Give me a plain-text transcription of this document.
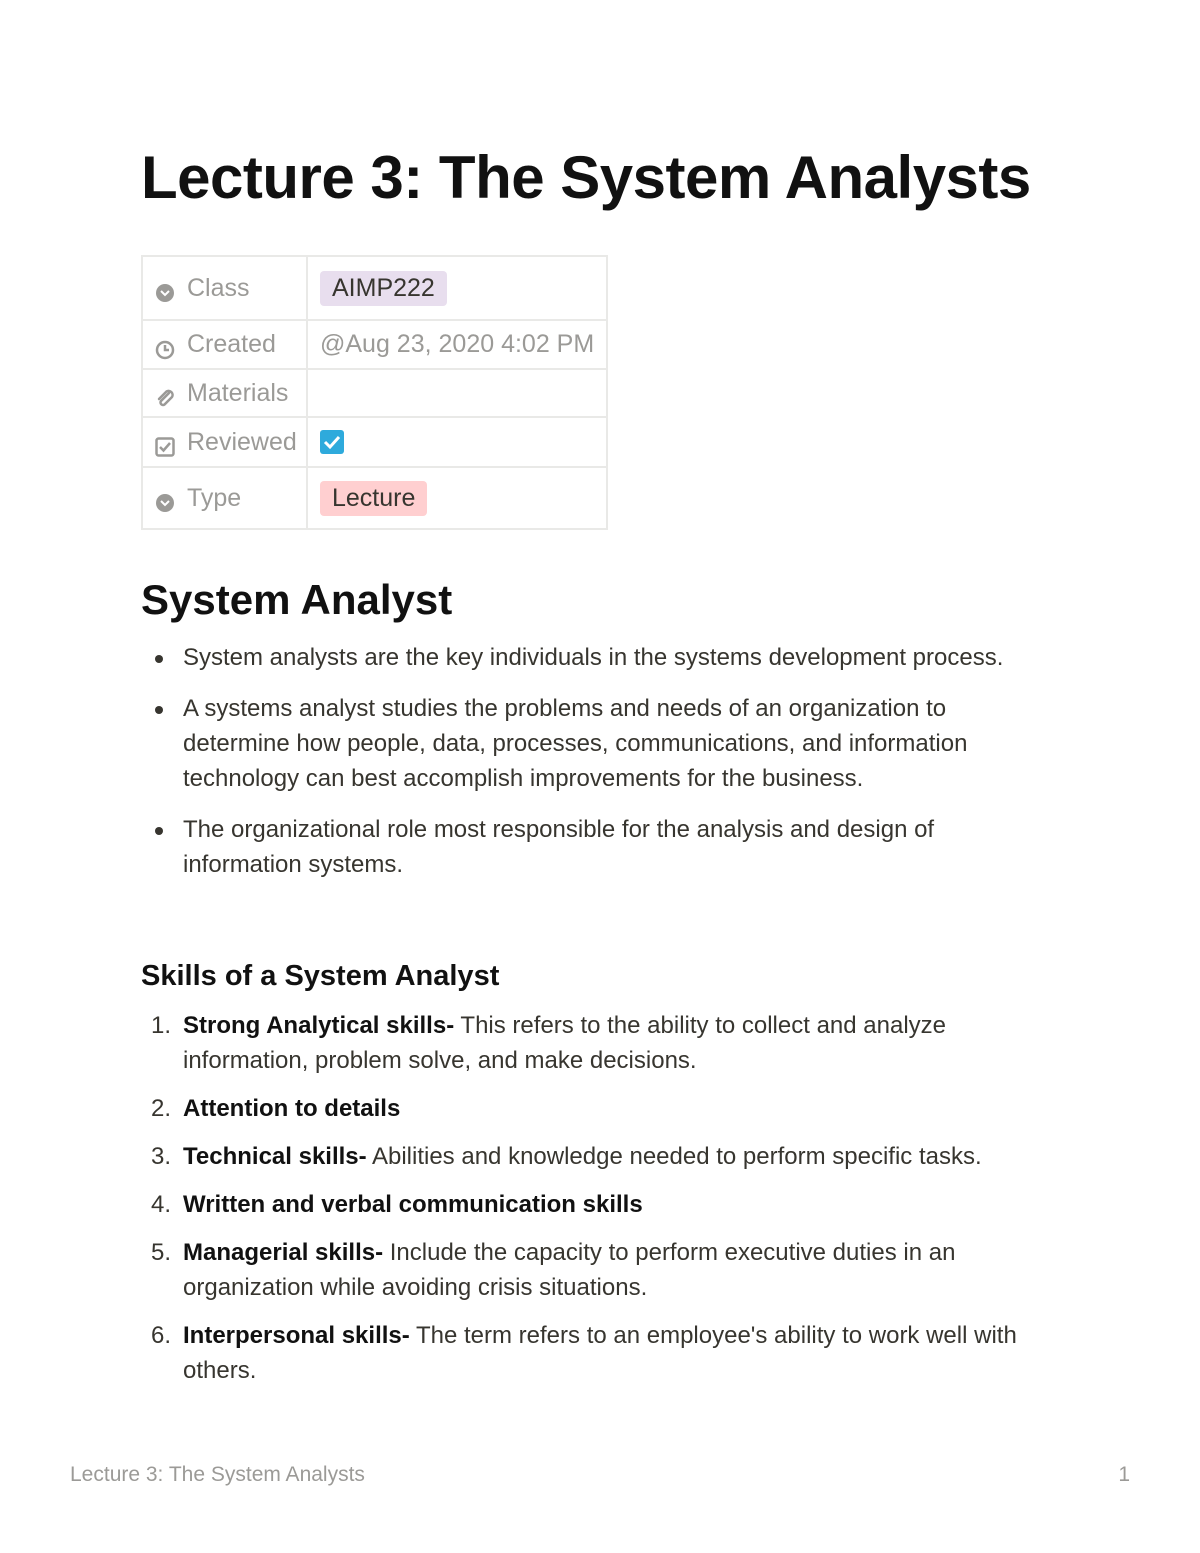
Lecture 3: The System Analysts
Class	AIMP222

Created	@Aug 23, 2020 4:02 PM

Materials	

Reviewed

Type	Lecture
System Analyst
System analysts are the key individuals in the systems development process.
A systems analyst studies the problems and needs of an organization to determine how people, data, processes, communications, and information technology can best accomplish improvements for the business.
The organizational role most responsible for the analysis and design of information systems.
Skills of a System Analyst
1. Strong Analytical skills- This refers to the ability to collect and analyze information, problem solve, and make decisions.
2. Attention to details
3. Technical skills- Abilities and knowledge needed to perform specific tasks.
4. Written and verbal communication skills
5. Managerial skills- Include the capacity to perform executive duties in an organization while avoiding crisis situations.
6. Interpersonal skills- The term refers to an employee's ability to work well with others.
Lecture 3: The System Analysts	1
